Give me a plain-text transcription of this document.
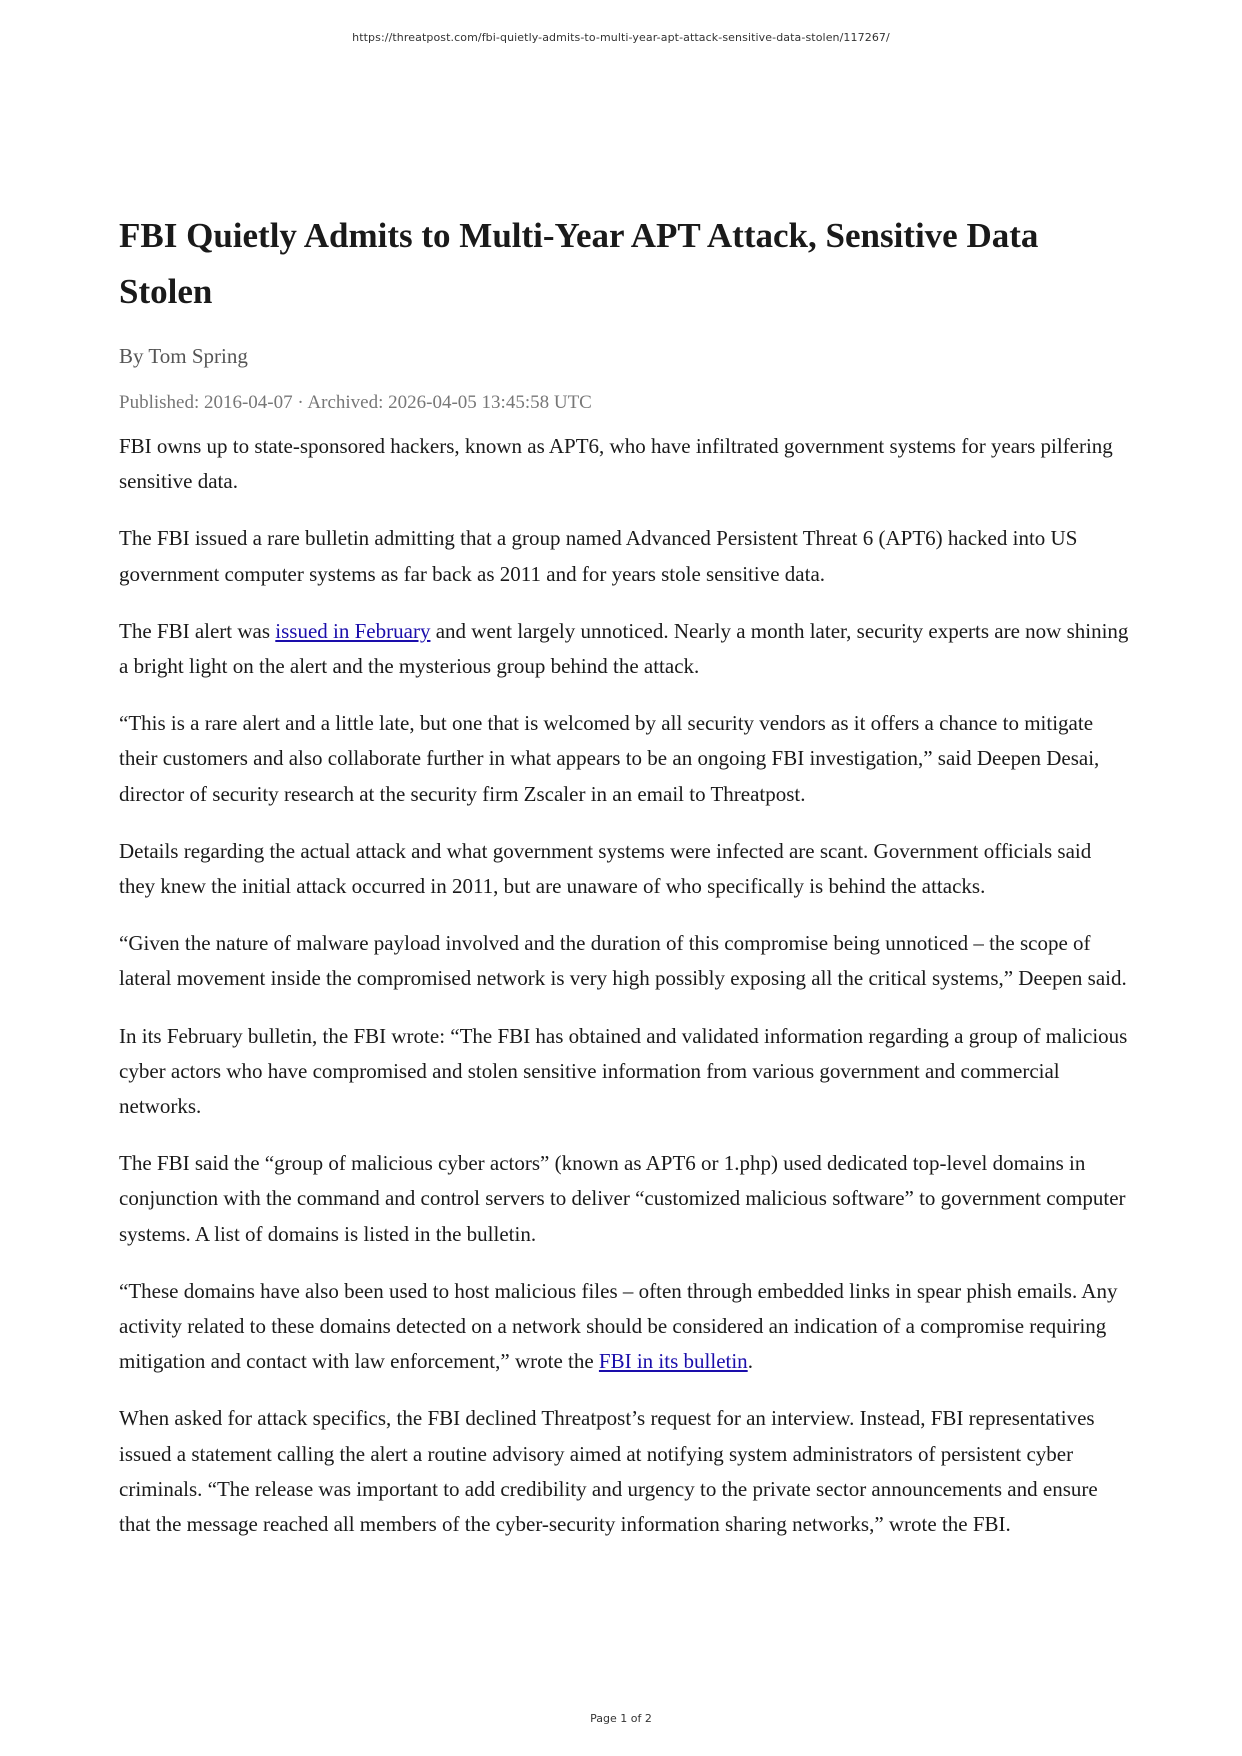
https://threatpost.com/fbi-quietly-admits-to-multi-year-apt-attack-sensitive-data-stolen/117267/
FBI Quietly Admits to Multi-Year APT Attack, Sensitive Data Stolen
By Tom Spring
Published: 2016-04-07 · Archived: 2026-04-05 13:45:58 UTC

FBI owns up to state-sponsored hackers, known as APT6, who have infiltrated government systems for years pilfering sensitive data.

The FBI issued a rare bulletin admitting that a group named Advanced Persistent Threat 6 (APT6) hacked into US government computer systems as far back as 2011 and for years stole sensitive data.

The FBI alert was issued in February and went largely unnoticed. Nearly a month later, security experts are now shining a bright light on the alert and the mysterious group behind the attack.

“This is a rare alert and a little late, but one that is welcomed by all security vendors as it offers a chance to mitigate their customers and also collaborate further in what appears to be an ongoing FBI investigation,” said Deepen Desai, director of security research at the security firm Zscaler in an email to Threatpost.

Details regarding the actual attack and what government systems were infected are scant. Government officials said they knew the initial attack occurred in 2011, but are unaware of who specifically is behind the attacks.

“Given the nature of malware payload involved and the duration of this compromise being unnoticed – the scope of lateral movement inside the compromised network is very high possibly exposing all the critical systems,” Deepen said.

In its February bulletin, the FBI wrote: “The FBI has obtained and validated information regarding a group of malicious cyber actors who have compromised and stolen sensitive information from various government and commercial networks.

The FBI said the “group of malicious cyber actors” (known as APT6 or 1.php) used dedicated top-level domains in conjunction with the command and control servers to deliver “customized malicious software” to government computer systems. A list of domains is listed in the bulletin.

“These domains have also been used to host malicious files – often through embedded links in spear phish emails. Any activity related to these domains detected on a network should be considered an indication of a compromise requiring mitigation and contact with law enforcement,” wrote the FBI in its bulletin.

When asked for attack specifics, the FBI declined Threatpost’s request for an interview. Instead, FBI representatives issued a statement calling the alert a routine advisory aimed at notifying system administrators of persistent cyber criminals. “The release was important to add credibility and urgency to the private sector announcements and ensure that the message reached all members of the cyber-security information sharing networks,” wrote the FBI.

Page 1 of 2
